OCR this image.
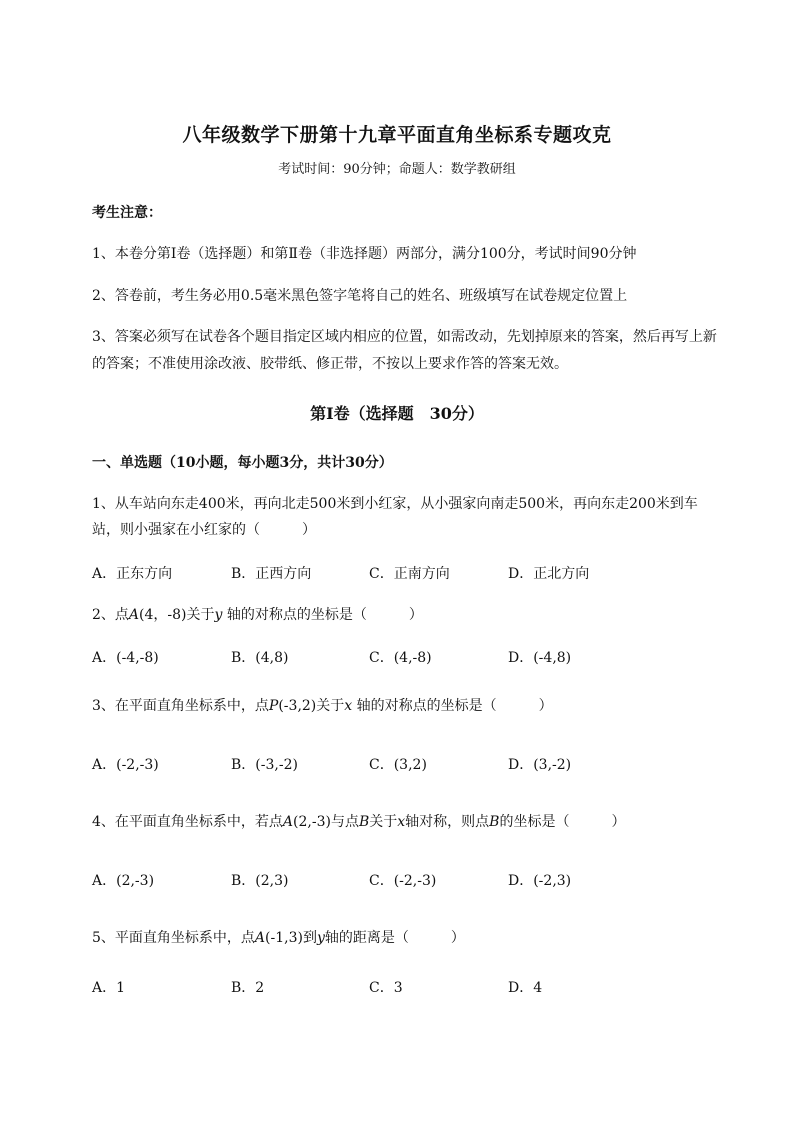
八年级数学下册第十九章平面直角坐标系专题攻克
考试时间：90分钟；命题人：数学教研组
考生注意：
1、本卷分第I卷（选择题）和第Ⅱ卷（非选择题）两部分，满分100分，考试时间90分钟
2、答卷前，考生务必用0.5毫米黑色签字笔将自己的姓名、班级填写在试卷规定位置上
3、答案必须写在试卷各个题目指定区域内相应的位置，如需改动，先划掉原来的答案，然后再写上新
的答案；不准使用涂改液、胶带纸、修正带，不按以上要求作答的答案无效。
第I卷（选择题　30分）
一、单选题（10小题，每小题3分，共计30分）
1、从车站向东走400米，再向北走500米到小红家，从小强家向南走500米，再向东走200米到车
站，则小强家在小红家的（　　　）
A．正东方向	B．正西方向	C．正南方向	D．正北方向
2、点A(4，-8)关于y 轴的对称点的坐标是（　　　）
A．(-4,-8)	B．(4,8)	C．(4,-8)	D．(-4,8)
3、在平面直角坐标系中，点P(-3,2)关于x 轴的对称点的坐标是（　　　）
A．(-2,-3)	B．(-3,-2)	C．(3,2)	D．(3,-2)
4、在平面直角坐标系中，若点A(2,-3)与点B关于x轴对称，则点B的坐标是（　　　）
A．(2,-3)	B．(2,3)	C．(-2,-3)	D．(-2,3)
5、平面直角坐标系中，点A(-1,3)到y轴的距离是（　　　）
A．1	B．2	C．3	D．4
